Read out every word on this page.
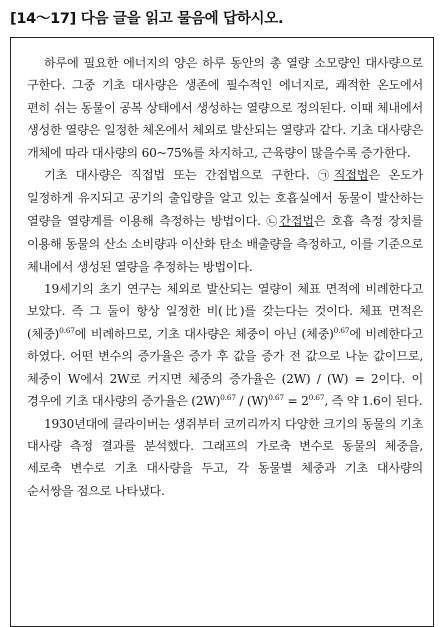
[14～17] 다음 글을 읽고 물음에 답하시오.

하루에 필요한 에너지의 양은 하루 동안의 총 열량 소모량인 대사량으로 구한다. 그중 기초 대사량은 생존에 필수적인 에너지로, 쾌적한 온도에서 편히 쉬는 동물이 공복 상태에서 생성하는 열량으로 정의된다. 이때 체내에서 생성한 열량은 일정한 체온에서 체외로 발산되는 열량과 같다. 기초 대사량은 개체에 따라 대사량의 60~75%를 차지하고, 근육량이 많을수록 증가한다.

기초 대사량은 직접법 또는 간접법으로 구한다. ㉠직접법은 온도가 일정하게 유지되고 공기의 출입량을 알고 있는 호흡실에서 동물이 발산하는 열량을 열량계를 이용해 측정하는 방법이다. ㉡간접법은 호흡 측정 장치를 이용해 동물의 산소 소비량과 이산화 탄소 배출량을 측정하고, 이를 기준으로 체내에서 생성된 열량을 추정하는 방법이다.

19세기의 초기 연구는 체외로 발산되는 열량이 체표 면적에 비례한다고 보았다. 즉 그 둘이 항상 일정한 비(比)를 갖는다는 것이다. 체표 면적은 (체중)$^{0.67}$에 비례하므로, 기초 대사량은 체중이 아닌 (체중)$^{0.67}$에 비례한다고 하였다. 어떤 변수의 증가율은 증가 후 값을 증가 전 값으로 나눈 값이므로, 체중이 W에서 2W로 커지면 체중의 증가율은 (2W) / (W) = 2이다. 이 경우에 기초 대사량의 증가율은 $(2W)^{0.67} / (W)^{0.67} = 2^{0.67}$, 즉 약 1.6이 된다.

1930년대에 클라이버는 생쥐부터 코끼리까지 다양한 크기의 동물의 기초 대사량 측정 결과를 분석했다. 그래프의 가로축 변수로 동물의 체중을, 세로축 변수로 기초 대사량을 두고, 각 동물별 체중과 기초 대사량의 순서쌍을 점으로 나타냈다.
